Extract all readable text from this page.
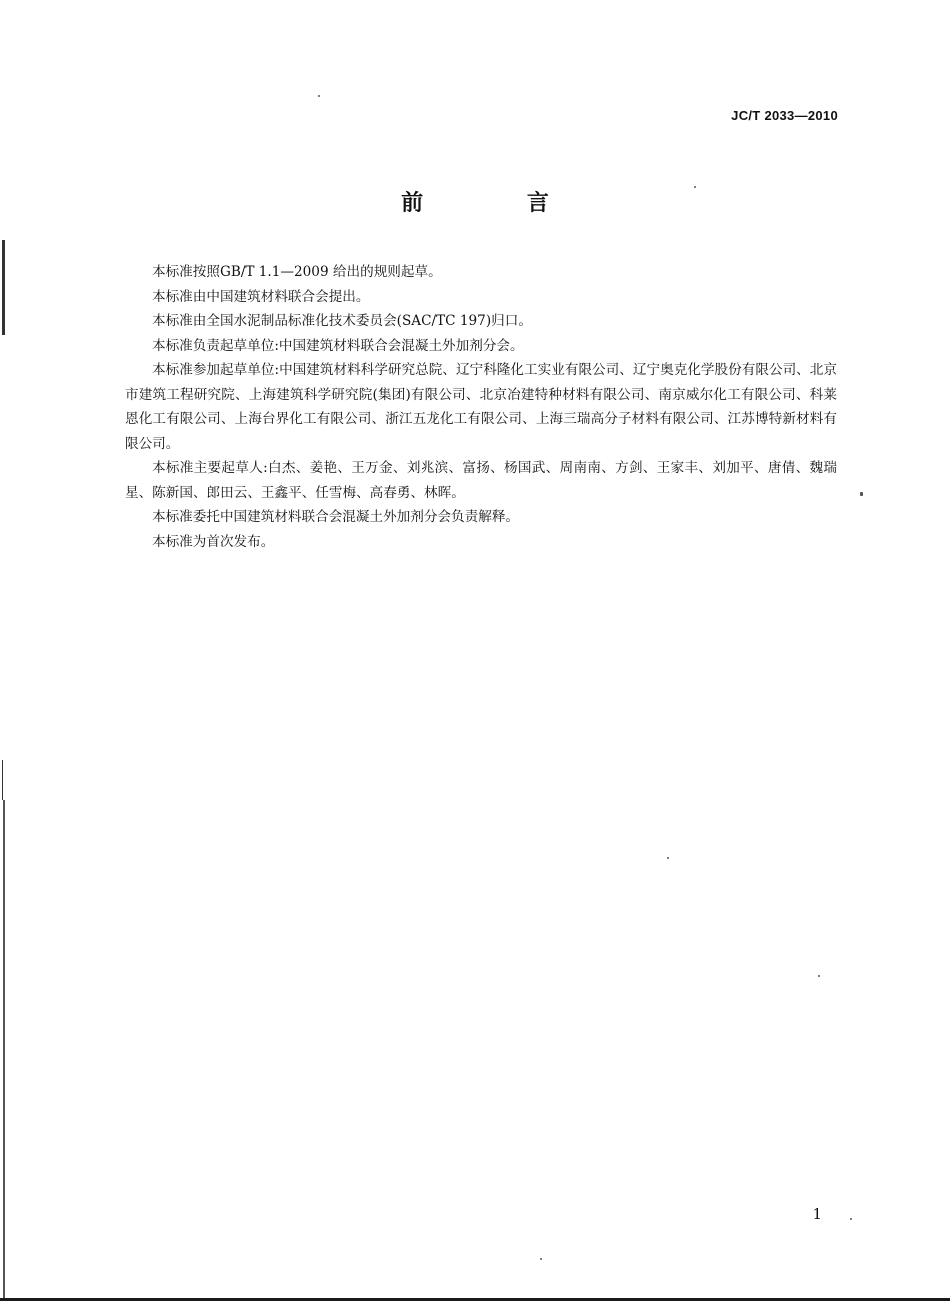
JC/T 2033—2010
前 言

本标准按照GB/T 1.1—2009 给出的规则起草。

本标准由中国建筑材料联合会提出。

本标准由全国水泥制品标准化技术委员会(SAC/TC 197)归口。

本标准负责起草单位:中国建筑材料联合会混凝土外加剂分会。

本标准参加起草单位:中国建筑材料科学研究总院、辽宁科隆化工实业有限公司、辽宁奥克化学股份有限公司、北京市建筑工程研究院、上海建筑科学研究院(集团)有限公司、北京冶建特种材料有限公司、南京威尔化工有限公司、科莱恩化工有限公司、上海台界化工有限公司、浙江五龙化工有限公司、上海三瑞高分子材料有限公司、江苏博特新材料有限公司。

本标准主要起草人:白杰、姜艳、王万金、刘兆滨、富扬、杨国武、周南南、方剑、王家丰、刘加平、唐倩、魏瑞星、陈新国、郎田云、王鑫平、任雪梅、高春勇、林晖。

本标准委托中国建筑材料联合会混凝土外加剂分会负责解释。

本标准为首次发布。

1
